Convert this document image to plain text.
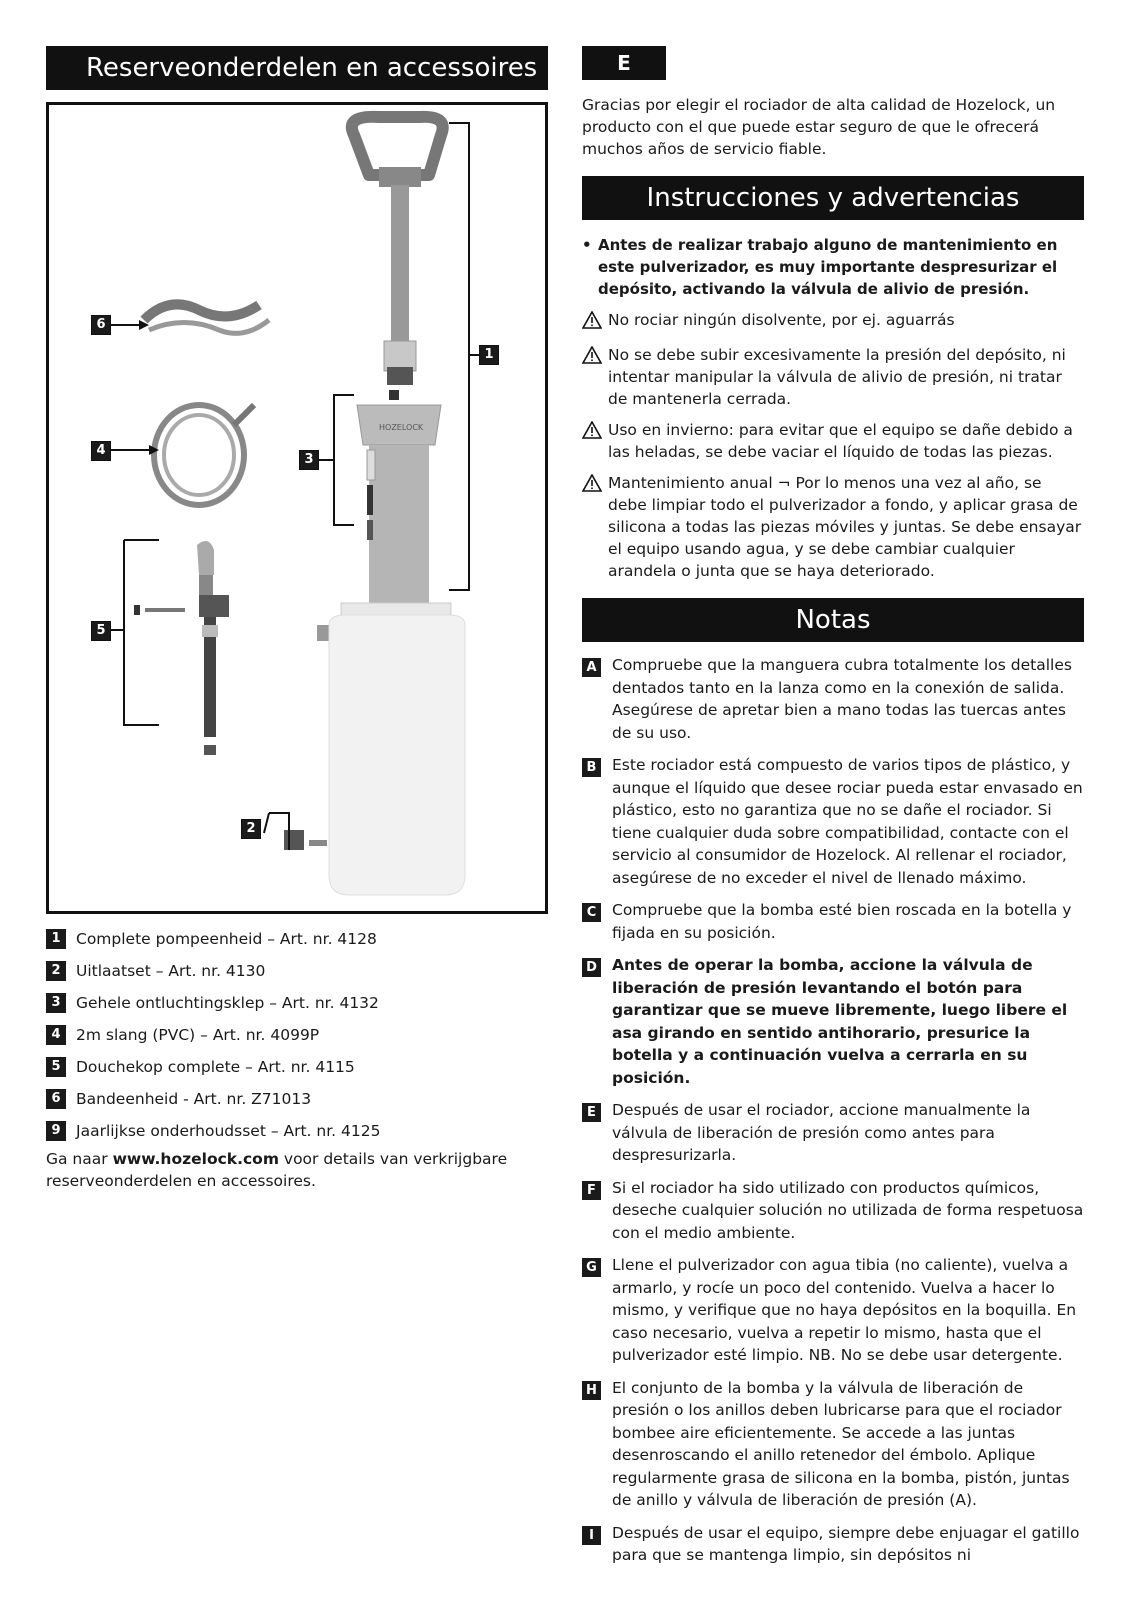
Reserveonderdelen en accessoires
HOZELOCK
6
1
4
3
5
2
1 Complete pompeenheid – Art. nr. 4128
2 Uitlaatset – Art. nr. 4130
3 Gehele ontluchtingsklep – Art. nr. 4132
4 2m slang (PVC) – Art. nr. 4099P
5 Douchekop complete – Art. nr. 4115
6 Bandeenheid - Art. nr. Z71013
9 Jaarlijkse onderhoudsset – Art. nr. 4125
Ga naar www.hozelock.com voor details van verkrijgbare reserveonderdelen en accessoires.
E
Gracias por elegir el rociador de alta calidad de Hozelock, un producto con el que puede estar seguro de que le ofrecerá muchos años de servicio fiable.
Instrucciones y advertencias
• Antes de realizar trabajo alguno de mantenimiento en este pulverizador, es muy importante despresurizar el depósito, activando la válvula de alivio de presión.
No rociar ningún disolvente, por ej. aguarrás
No se debe subir excesivamente la presión del depósito, ni intentar manipular la válvula de alivio de presión, ni tratar de mantenerla cerrada.
Uso en invierno: para evitar que el equipo se dañe debido a las heladas, se debe vaciar el líquido de todas las piezas.
Mantenimiento anual ¬ Por lo menos una vez al año, se debe limpiar todo el pulverizador a fondo, y aplicar grasa de silicona a todas las piezas móviles y juntas. Se debe ensayar el equipo usando agua, y se debe cambiar cualquier arandela o junta que se haya deteriorado.
Notas
A Compruebe que la manguera cubra totalmente los detalles dentados tanto en la lanza como en la conexión de salida. Asegúrese de apretar bien a mano todas las tuercas antes de su uso.
B Este rociador está compuesto de varios tipos de plástico, y aunque el líquido que desee rociar pueda estar envasado en plástico, esto no garantiza que no se dañe el rociador. Si tiene cualquier duda sobre compatibilidad, contacte con el servicio al consumidor de Hozelock. Al rellenar el rociador, asegúrese de no exceder el nivel de llenado máximo.
C	Compruebe que la bomba esté bien roscada en la botella y fijada en su posición.
D Antes de operar la bomba, accione la válvula de liberación de presión levantando el botón para garantizar que se mueve libremente, luego libere el asa girando en sentido antihorario, presurice la botella y a continuación vuelva a cerrarla en su posición.
E	Después de usar el rociador, accione manualmente la válvula de liberación de presión como antes para despresurizarla.
F	Si el rociador ha sido utilizado con productos químicos, deseche cualquier solución no utilizada de forma respetuosa con el medio ambiente.
G Llene el pulverizador con agua tibia (no caliente), vuelva a armarlo, y rocíe un poco del contenido. Vuelva a hacer lo mismo, y verifique que no haya depósitos en la boquilla. En caso necesario, vuelva a repetir lo mismo, hasta que el pulverizador esté limpio. NB. No se debe usar detergente.
H El conjunto de la bomba y la válvula de liberación de presión o los anillos deben lubricarse para que el rociador bombee aire eficientemente. Se accede a las juntas desenroscando el anillo retenedor del émbolo. Aplique regularmente grasa de silicona en la bomba, pistón, juntas de anillo y válvula de liberación de presión (A).
I	Después de usar el equipo, siempre debe enjuagar el gatillo para que se mantenga limpio, sin depósitos ni
